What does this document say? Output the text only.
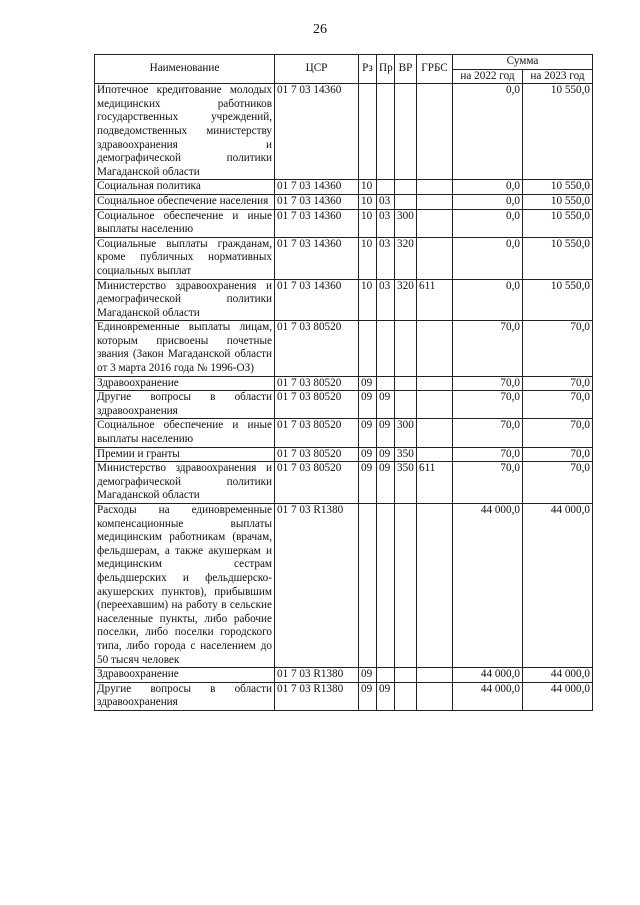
26
Наименование	ЦСР	Рз	Пр	ВР	ГРБС	Сумма	
						на 2022 год	на 2023 год
Ипотечное кредитование молодых медицинских работников государственных учреждений, подведомственных министерству здравоохранения и демографической политики Магаданской области	01 7 03 14360					0,0	10 550,0
Социальная политика	01 7 03 14360	10				0,0	10 550,0
Социальное обеспечение населения	01 7 03 14360	10	03			0,0	10 550,0
Социальное обеспечение и иные выплаты населению	01 7 03 14360	10	03	300		0,0	10 550,0
Социальные выплаты гражданам, кроме публичных нормативных социальных выплат	01 7 03 14360	10	03	320		0,0	10 550,0
Министерство здравоохранения и демографической политики Магаданской области	01 7 03 14360	10	03	320	611	0,0	10 550,0
Единовременные выплаты лицам, которым присвоены почетные звания (Закон Магаданской области от 3 марта 2016 года № 1996-ОЗ)	01 7 03 80520					70,0	70,0
Здравоохранение	01 7 03 80520	09				70,0	70,0
Другие вопросы в области здравоохранения	01 7 03 80520	09	09			70,0	70,0
Социальное обеспечение и иные выплаты населению	01 7 03 80520	09	09	300		70,0	70,0
Премии и гранты	01 7 03 80520	09	09	350		70,0	70,0
Министерство здравоохранения и демографической политики Магаданской области	01 7 03 80520	09	09	350	611	70,0	70,0
Расходы на единовременные компенсационные выплаты медицинским работникам (врачам, фельдшерам, а также акушеркам и медицинским сестрам фельдшерских и фельдшерско-акушерских пунктов), прибывшим (переехавшим) на работу в сельские населенные пункты, либо рабочие поселки, либо поселки городского типа, либо города с населением до 50 тысяч человек	01 7 03 R1380					44 000,0	44 000,0
Здравоохранение	01 7 03 R1380	09				44 000,0	44 000,0
Другие вопросы в области здравоохранения	01 7 03 R1380	09	09			44 000,0	44 000,0
